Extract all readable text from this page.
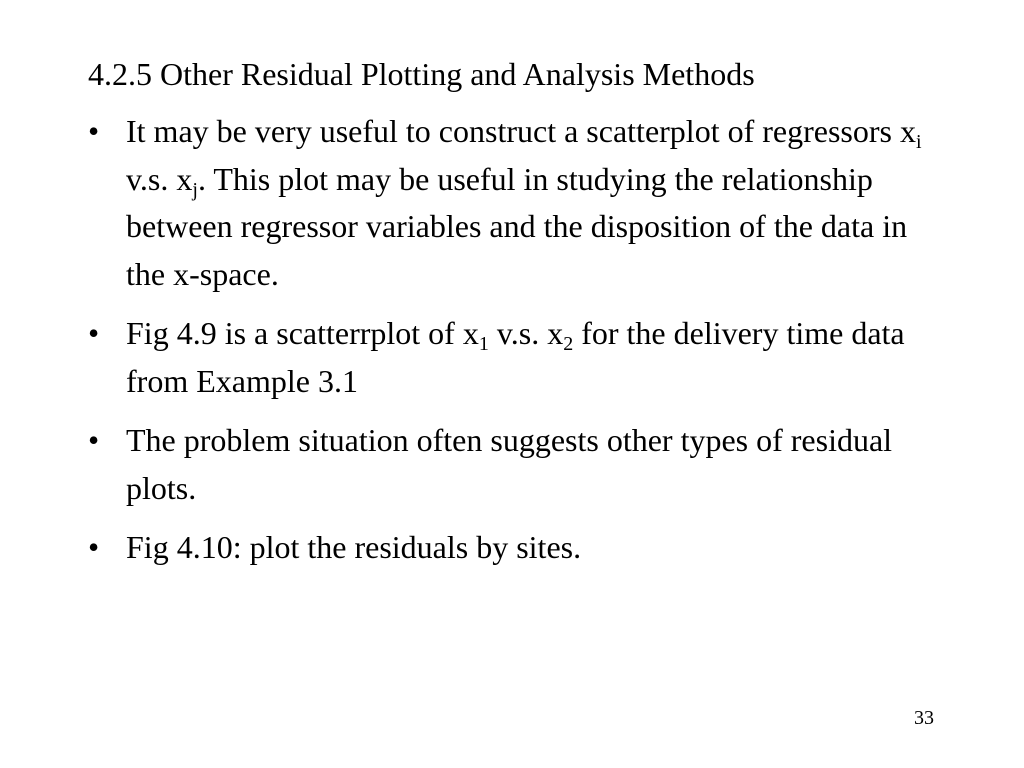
4.2.5 Other Residual Plotting and Analysis Methods
• It may be very useful to construct a scatterplot of regressors $x_i$ v.s. $x_j$. This plot may be useful in studying the relationship between regressor variables and the disposition of the data in the x-space.
• Fig 4.9 is a scatterrplot of $x_1$ v.s. $x_2$ for the delivery time data from Example 3.1
• The problem situation often suggests other types of residual plots.
• Fig 4.10: plot the residuals by sites.
33
